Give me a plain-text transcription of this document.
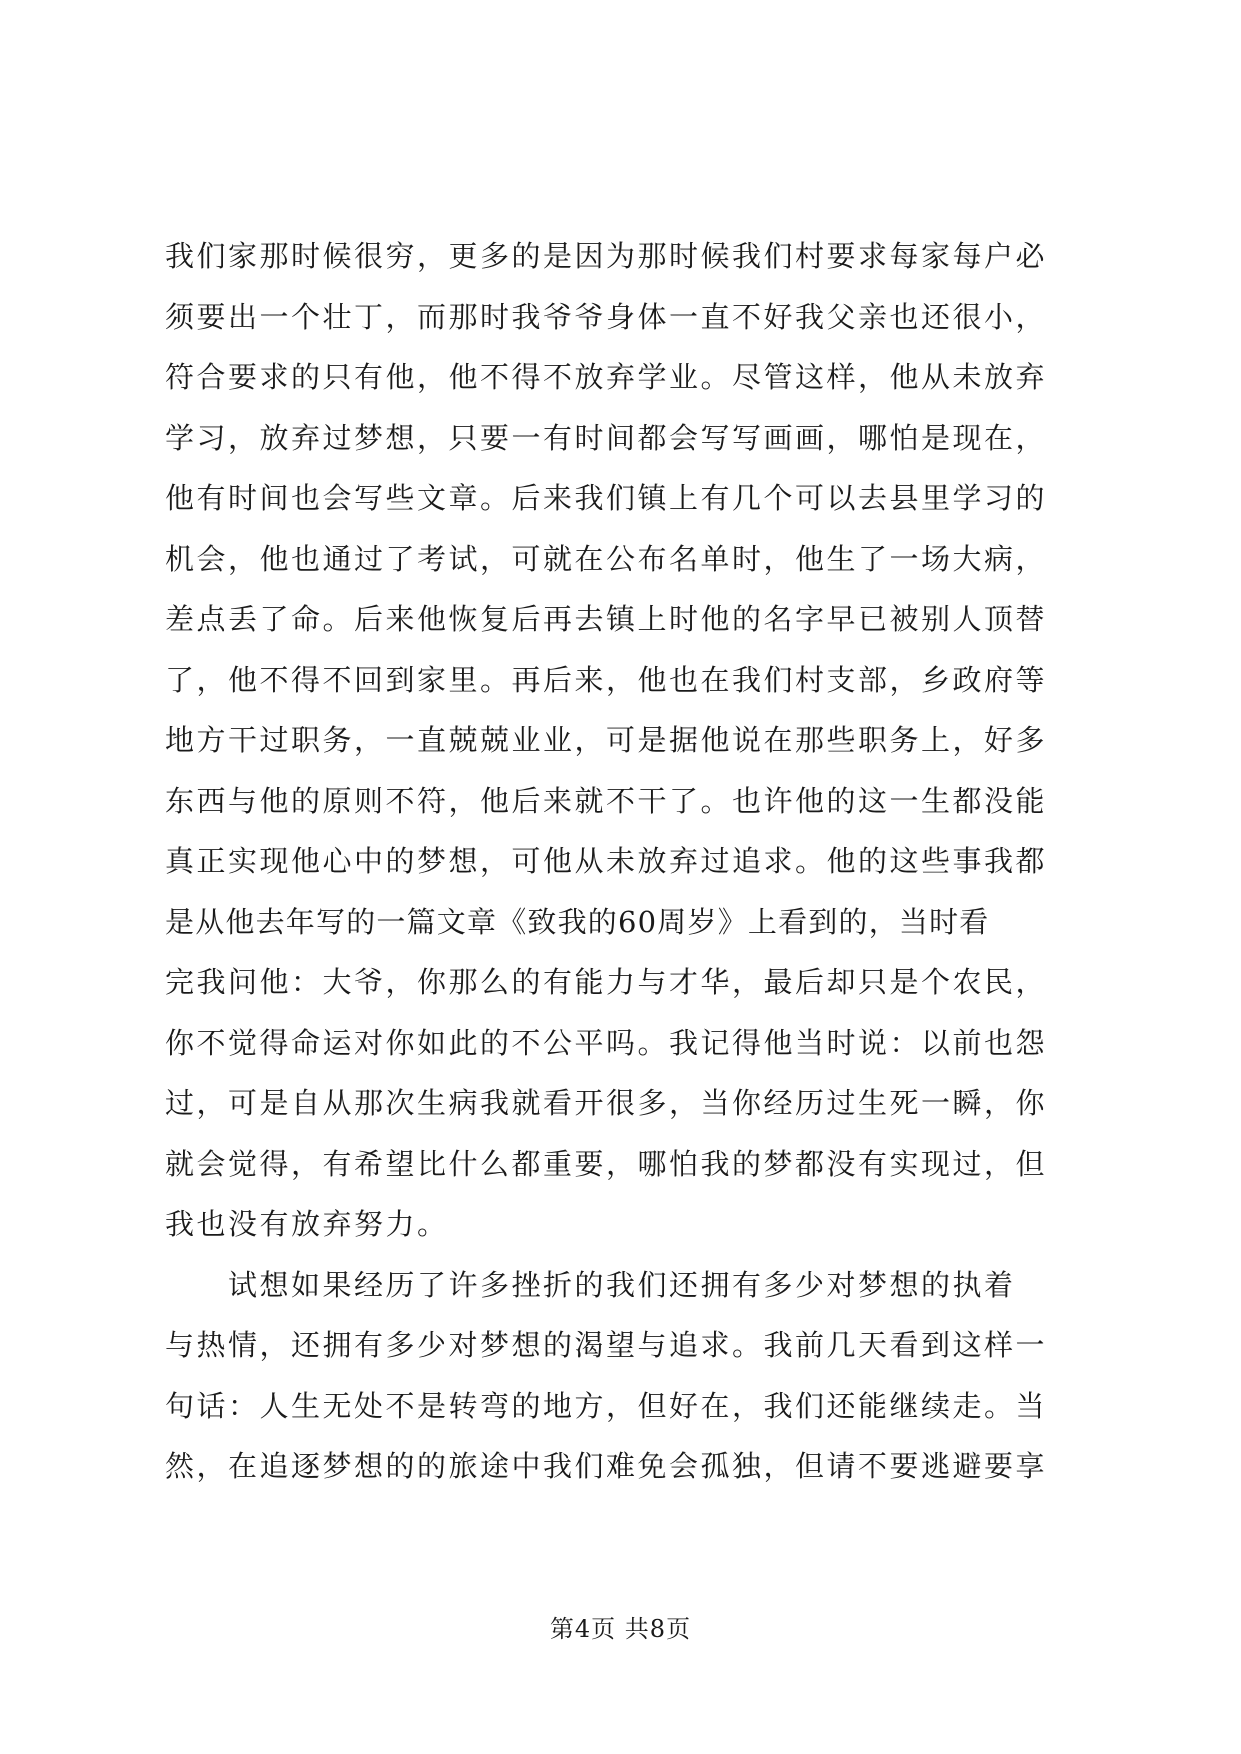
我们家那时候很穷，更多的是因为那时候我们村要求每家每户必
须要出一个壮丁，而那时我爷爷身体一直不好我父亲也还很小，
符合要求的只有他，他不得不放弃学业。尽管这样，他从未放弃
学习，放弃过梦想，只要一有时间都会写写画画，哪怕是现在，
他有时间也会写些文章。后来我们镇上有几个可以去县里学习的
机会，他也通过了考试，可就在公布名单时，他生了一场大病，
差点丢了命。后来他恢复后再去镇上时他的名字早已被别人顶替
了，他不得不回到家里。再后来，他也在我们村支部，乡政府等
地方干过职务，一直兢兢业业，可是据他说在那些职务上，好多
东西与他的原则不符，他后来就不干了。也许他的这一生都没能
真正实现他心中的梦想，可他从未放弃过追求。他的这些事我都
是从他去年写的一篇文章《致我的60周岁》上看到的，当时看
完我问他：大爷，你那么的有能力与才华，最后却只是个农民，
你不觉得命运对你如此的不公平吗。我记得他当时说：以前也怨
过，可是自从那次生病我就看开很多，当你经历过生死一瞬，你
就会觉得，有希望比什么都重要，哪怕我的梦都没有实现过，但
我也没有放弃努力。
　　试想如果经历了许多挫折的我们还拥有多少对梦想的执着
与热情，还拥有多少对梦想的渴望与追求。我前几天看到这样一
句话：人生无处不是转弯的地方，但好在，我们还能继续走。当
然，在追逐梦想的的旅途中我们难免会孤独，但请不要逃避要享
第4页 共8页
